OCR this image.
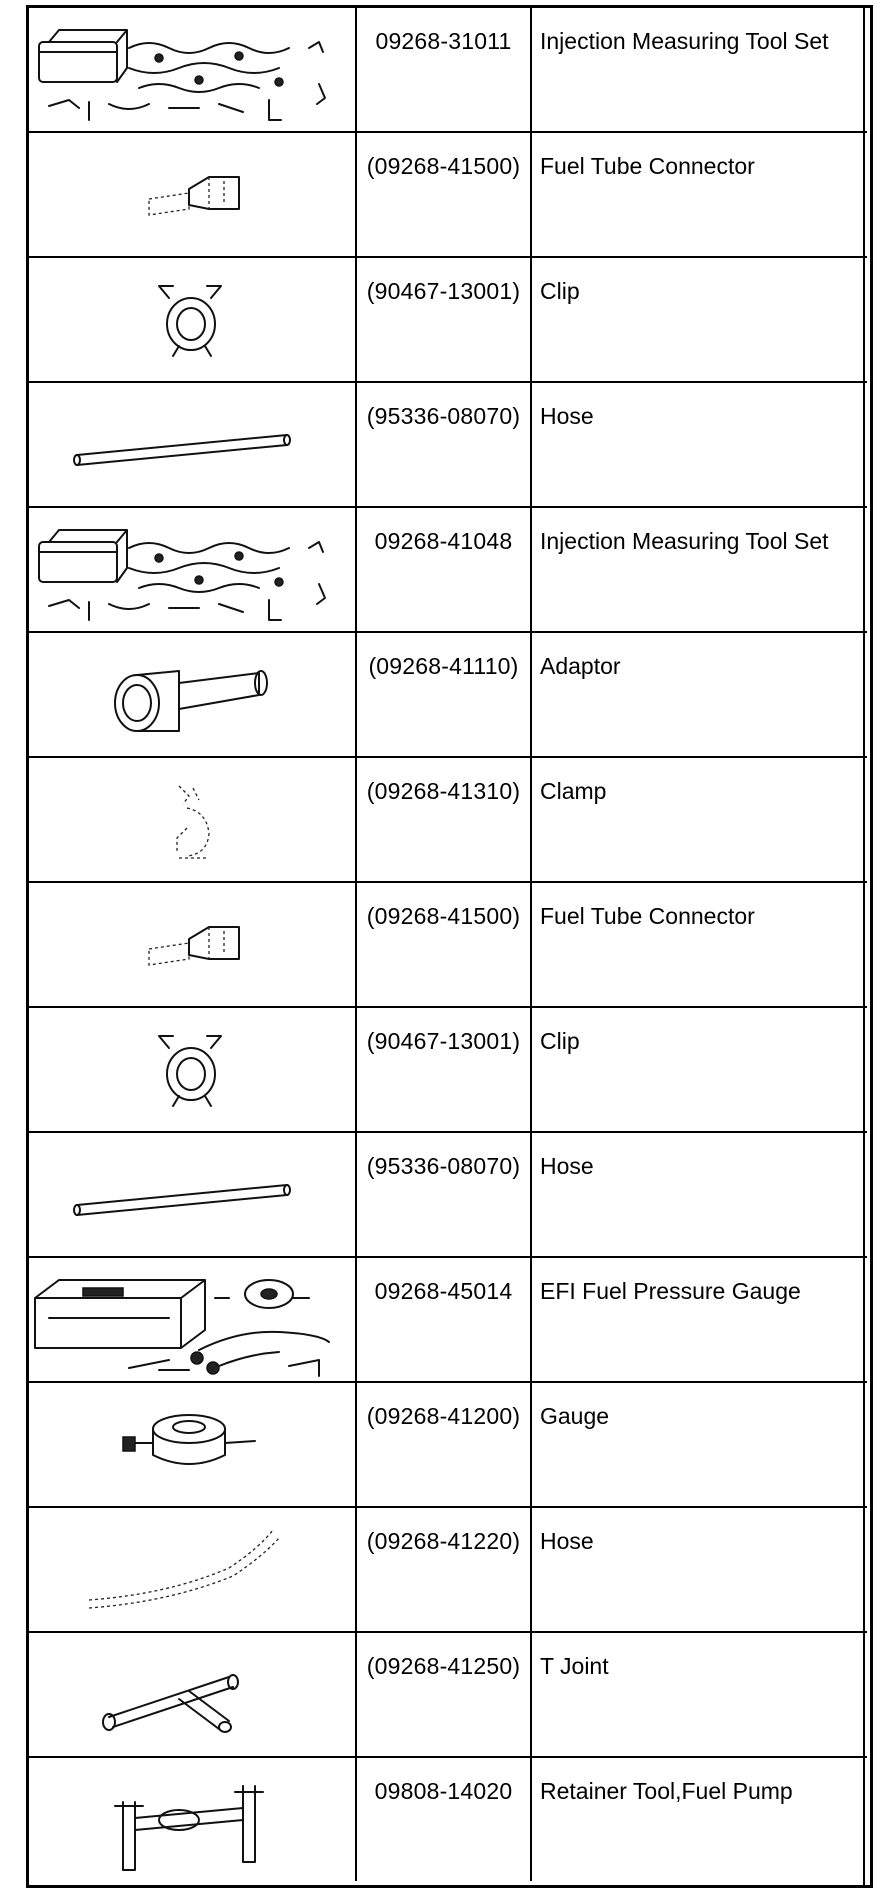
09268-31011	Injection Measuring Tool Set

(09268-41500)	Fuel Tube Connector

(90467-13001)	Clip

(95336-08070)	Hose

09268-41048	Injection Measuring Tool Set

(09268-41110)	Adaptor

(09268-41310)	Clamp

(09268-41500)	Fuel Tube Connector

(90467-13001)	Clip

(95336-08070)	Hose

09268-45014	EFI Fuel Pressure Gauge

(09268-41200)	Gauge

(09268-41220)	Hose

(09268-41250)	T Joint

09808-14020	Retainer Tool,Fuel Pump
